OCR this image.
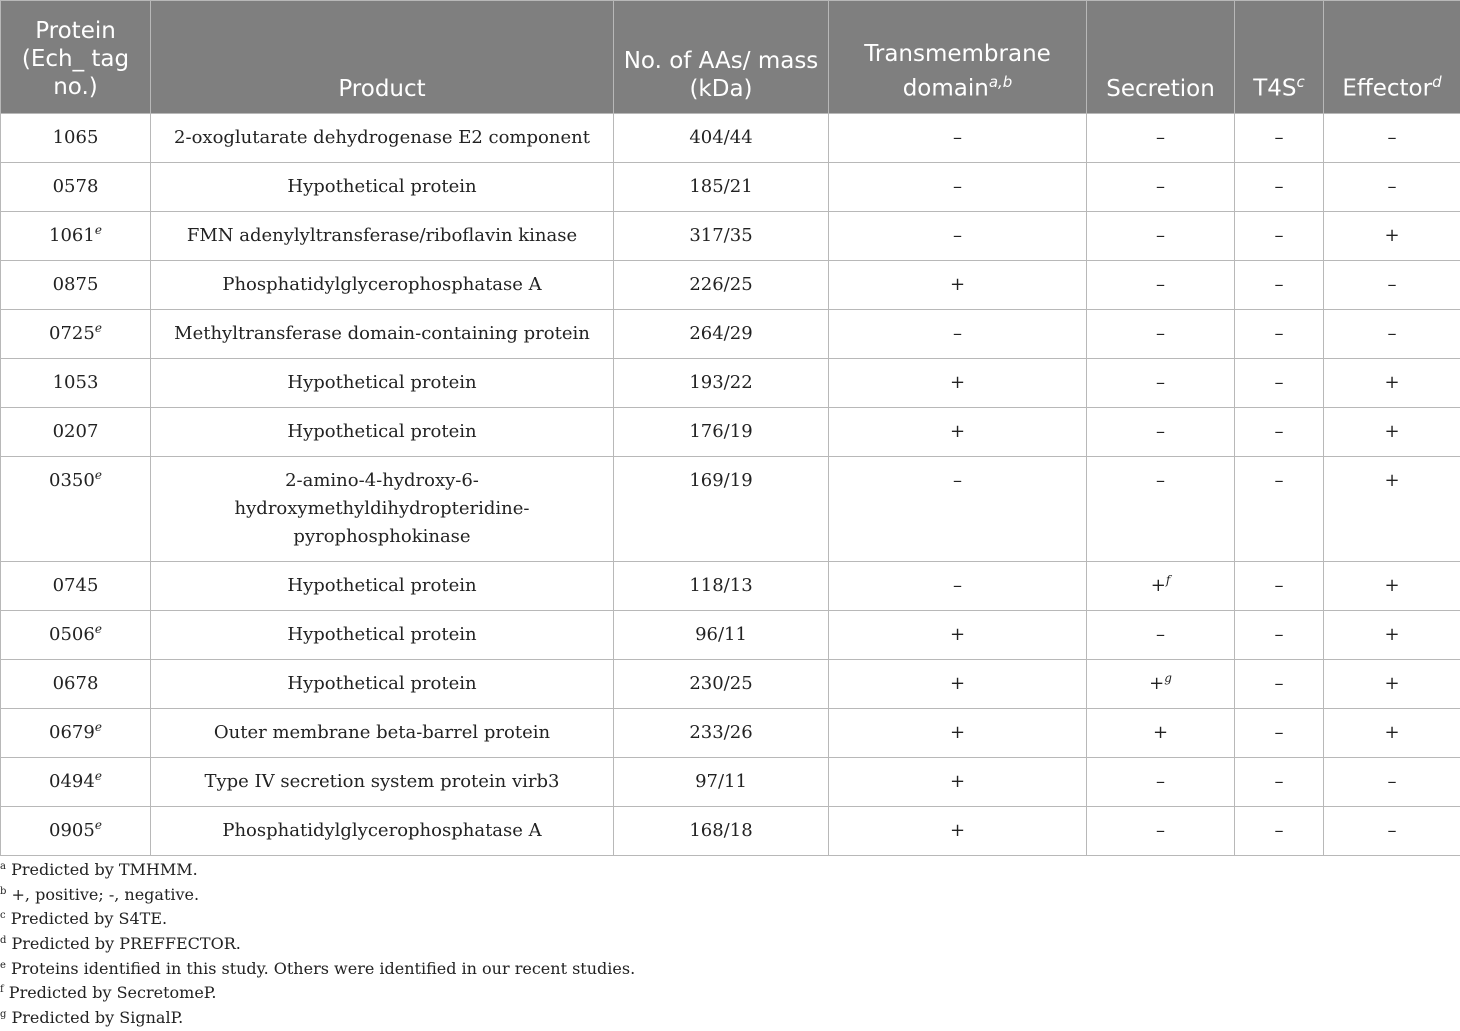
Protein (Ech_ tag no.)	Product	No. of AAs/ mass (kDa)	Transmembrane domain$^{a,b}$	Secretion	$T4S^c$	Effector$^d$
1065	2-oxoglutarate dehydrogenase E2 component	404/44	–	–	–	–
0578	Hypothetical protein	185/21	–	–	–	–
1061e	FMN adenylyltransferase/riboflavin kinase	317/35	–	–	–	+
0875	Phosphatidylglycerophosphatase A	226/25	+	–	–	–
0725e	Methyltransferase domain-containing protein	264/29	–	–	–	–
1053	Hypothetical protein	193/22	+	–	–	+
0207	Hypothetical protein	176/19	+	–	–	+
$0350^e$	2-amino-4-hydroxy-6-
hydroxymethyldihydropteridine-
pyrophosphokinase	169/19	–	–	–	+
0745	Hypothetical protein	118/13	–	+$^f$	–	+
$0506^e$	Hypothetical protein	96/11	+	–	–	+
0678	Hypothetical protein	230/25	+	+$^g$	–	+
$0679^e$	Outer membrane beta-barrel protein	233/26	+	+	–	+
$0494^e$	Type IV secretion system protein virb3	97/11	+	–	–	–
0905e	Phosphatidylglycerophosphatase A	168/18	+	–	–	–
$^a$ Predicted by TMHMM.
$^b$ +, positive; -, negative.
$^c$ Predicted by S4TE.
$^d$ Predicted by PREFFECTOR.
$^e$ Proteins identified in this study. Others were identified in our recent studies.
$^f$ Predicted by SecretomeP.
$^g$ Predicted by SignalP.
